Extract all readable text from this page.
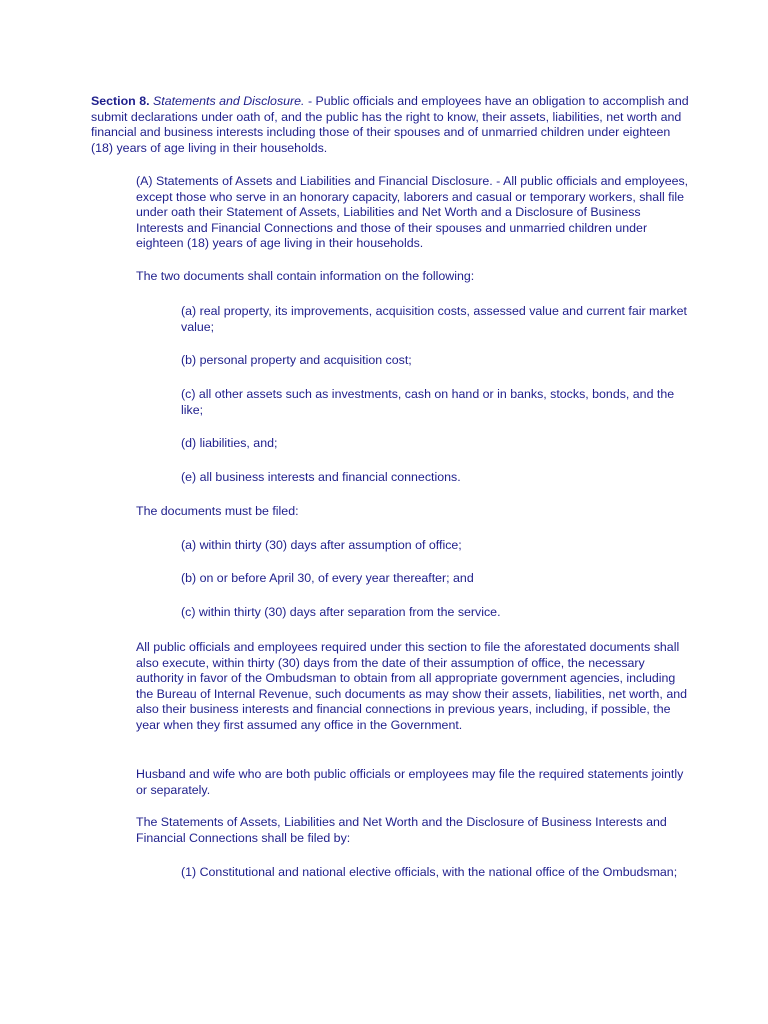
Section 8. Statements and Disclosure. - Public officials and employees have an obligation to accomplish and submit declarations under oath of, and the public has the right to know, their assets, liabilities, net worth and financial and business interests including those of their spouses and of unmarried children under eighteen (18) years of age living in their households.

(A) Statements of Assets and Liabilities and Financial Disclosure. - All public officials and employees, except those who serve in an honorary capacity, laborers and casual or temporary workers, shall file under oath their Statement of Assets, Liabilities and Net Worth and a Disclosure of Business Interests and Financial Connections and those of their spouses and unmarried children under eighteen (18) years of age living in their households.

The two documents shall contain information on the following:

(a) real property, its improvements, acquisition costs, assessed value and current fair market value;

(b) personal property and acquisition cost;

(c) all other assets such as investments, cash on hand or in banks, stocks, bonds, and the like;

(d) liabilities, and;

(e) all business interests and financial connections.

The documents must be filed:

(a) within thirty (30) days after assumption of office;

(b) on or before April 30, of every year thereafter; and

(c) within thirty (30) days after separation from the service.

All public officials and employees required under this section to file the aforestated documents shall also execute, within thirty (30) days from the date of their assumption of office, the necessary authority in favor of the Ombudsman to obtain from all appropriate government agencies, including the Bureau of Internal Revenue, such documents as may show their assets, liabilities, net worth, and also their business interests and financial connections in previous years, including, if possible, the year when they first assumed any office in the Government.

Husband and wife who are both public officials or employees may file the required statements jointly or separately.

The Statements of Assets, Liabilities and Net Worth and the Disclosure of Business Interests and Financial Connections shall be filed by:

(1) Constitutional and national elective officials, with the national office of the Ombudsman;
